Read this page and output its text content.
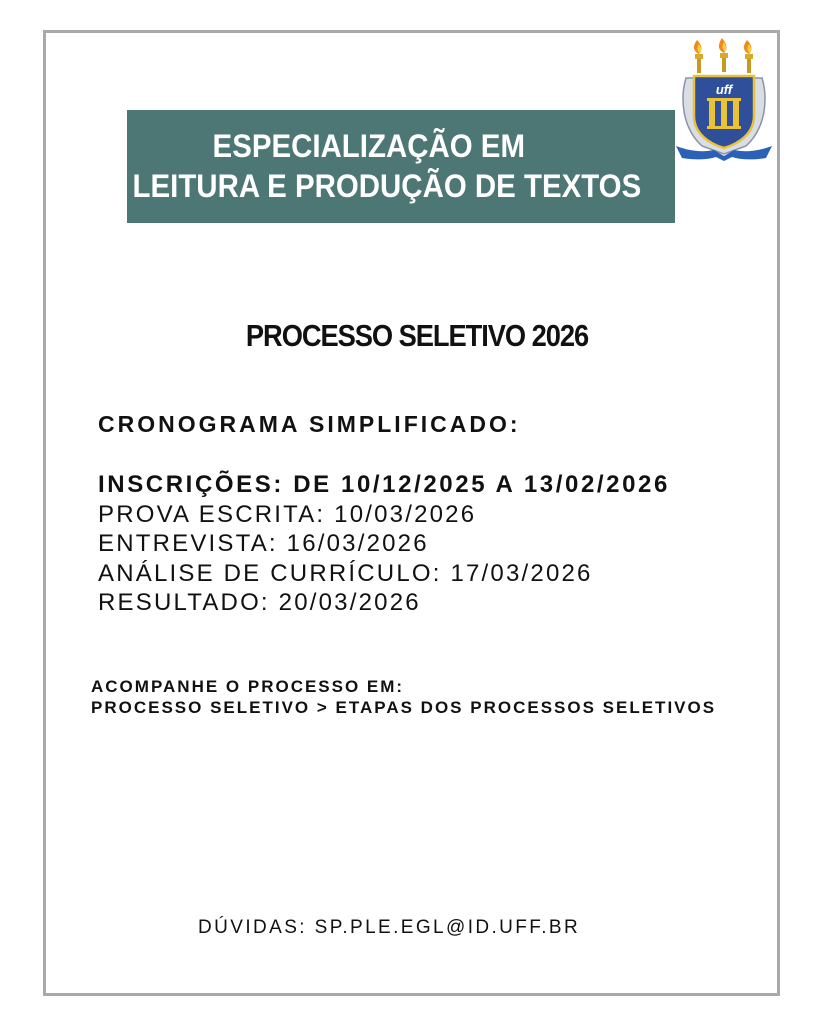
ESPECIALIZAÇÃO EM
LEITURA E PRODUÇÃO DE TEXTOS
uff
PROCESSO SELETIVO 2026
CRONOGRAMA SIMPLIFICADO:
INSCRIÇÕES: DE 10/12/2025 A 13/02/2026
PROVA ESCRITA: 10/03/2026
ENTREVISTA: 16/03/2026
ANÁLISE DE CURRÍCULO: 17/03/2026
RESULTADO: 20/03/2026
ACOMPANHE O PROCESSO EM:
PROCESSO SELETIVO > ETAPAS DOS PROCESSOS SELETIVOS
DÚVIDAS: SP.PLE.EGL@ID.UFF.BR
